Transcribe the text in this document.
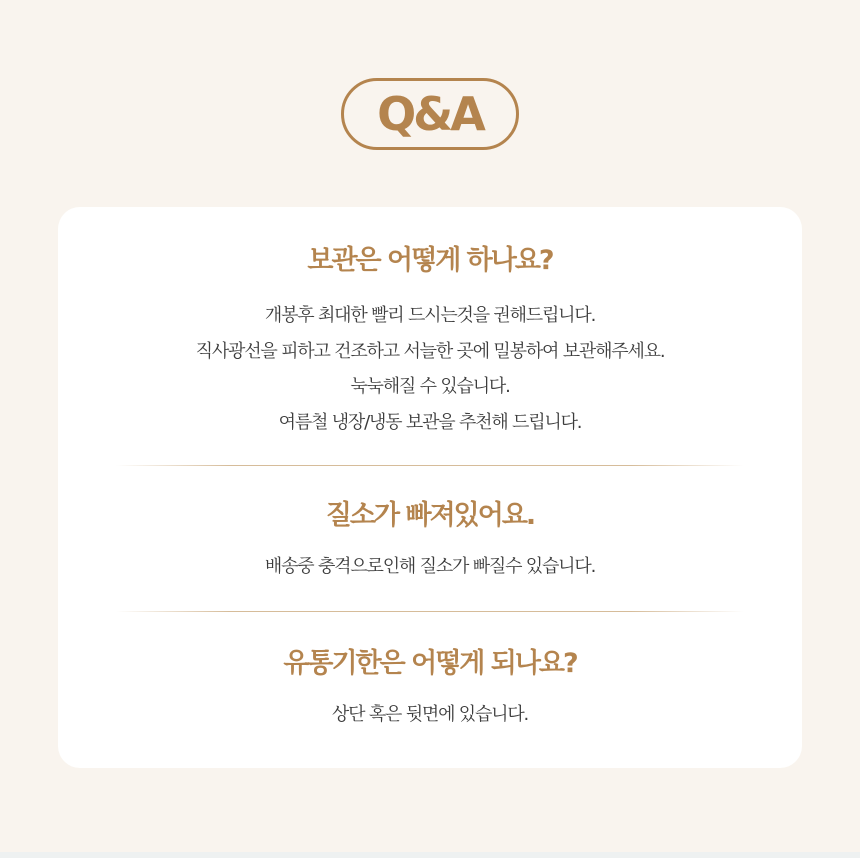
Q&A
보관은 어떻게 하나요?

개봉후 최대한 빨리 드시는것을 권해드립니다.
직사광선을 피하고 건조하고 서늘한 곳에 밀봉하여 보관해주세요.
눅눅해질 수 있습니다.
여름철 냉장/냉동 보관을 추천해 드립니다.

질소가 빠져있어요.

배송중 충격으로인해 질소가 빠질수 있습니다.

유통기한은 어떻게 되나요?

상단 혹은 뒷면에 있습니다.
